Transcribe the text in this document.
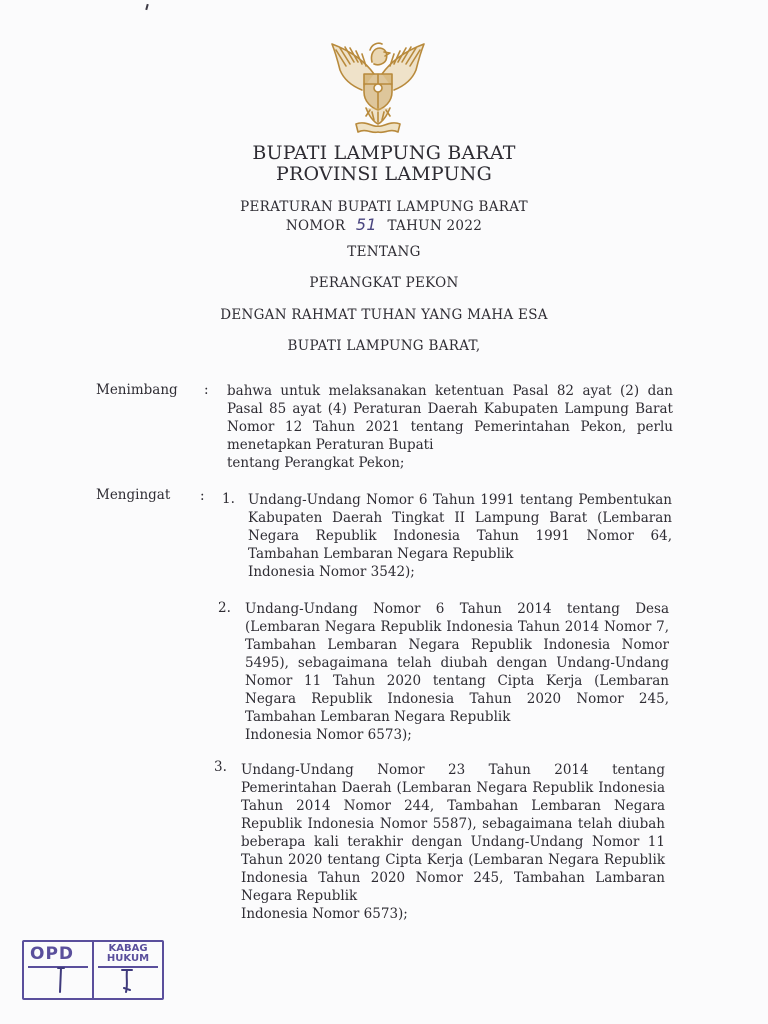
BUPATI LAMPUNG BARAT
PROVINSI LAMPUNG
PERATURAN BUPATI LAMPUNG BARAT
NOMOR 51 TAHUN 2022
TENTANG
PERANGKAT PEKON
DENGAN RAHMAT TUHAN YANG MAHA ESA
BUPATI LAMPUNG BARAT,
Menimbang : bahwa untuk melaksanakan ketentuan Pasal 82 ayat (2) dan Pasal 85 ayat (4) Peraturan Daerah Kabupaten Lampung Barat Nomor 12 Tahun 2021 tentang Pemerintahan Pekon, perlu menetapkan Peraturan Bupati
tentang Perangkat Pekon;
Mengingat : 1. Undang-Undang Nomor 6 Tahun 1991 tentang Pembentukan Kabupaten Daerah Tingkat II Lampung Barat (Lembaran Negara Republik Indonesia Tahun 1991 Nomor 64, Tambahan Lembaran Negara Republik
Indonesia Nomor 3542);
2. Undang-Undang Nomor 6 Tahun 2014 tentang Desa (Lembaran Negara Republik Indonesia Tahun 2014 Nomor 7, Tambahan Lembaran Negara Republik Indonesia Nomor 5495), sebagaimana telah diubah dengan Undang-Undang Nomor 11 Tahun 2020 tentang Cipta Kerja (Lembaran Negara Republik Indonesia Tahun 2020 Nomor 245, Tambahan Lembaran Negara Republik
Indonesia Nomor 6573);
3. Undang-Undang Nomor 23 Tahun 2014 tentang Pemerintahan Daerah (Lembaran Negara Republik Indonesia Tahun 2014 Nomor 244, Tambahan Lembaran Negara Republik Indonesia Nomor 5587), sebagaimana telah diubah beberapa kali terakhir dengan Undang-Undang Nomor 11 Tahun 2020 tentang Cipta Kerja (Lembaran Negara Republik Indonesia Tahun 2020 Nomor 245, Tambahan Lambaran Negara Republik
Indonesia Nomor 6573);
OPD	KABAG
HUKUM
